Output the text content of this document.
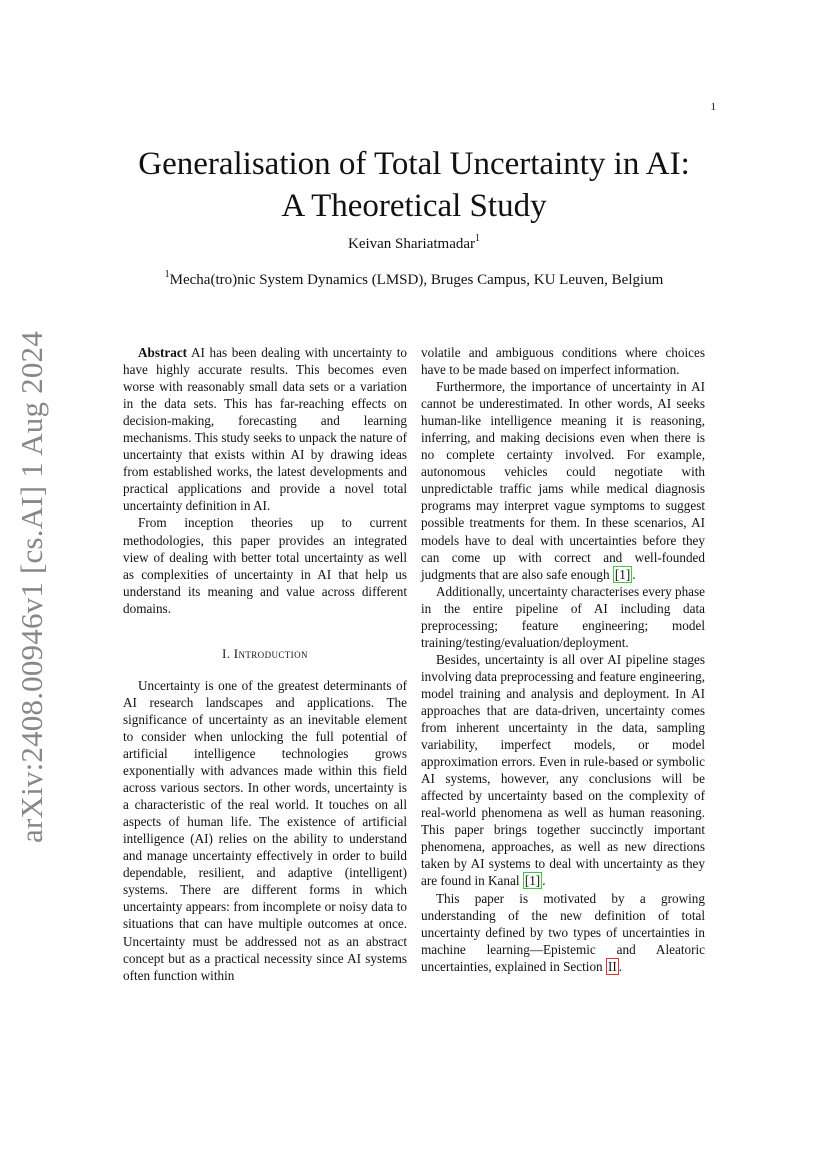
1
arXiv:2408.00946v1 [cs.AI] 1 Aug 2024
Generalisation of Total Uncertainty in AI:
A Theoretical Study
Keivan Shariatmadar$^1$
$^1$Mecha(tro)nic System Dynamics (LMSD), Bruges Campus, KU Leuven, Belgium

Abstract AI has been dealing with uncertainty to have highly accurate results. This becomes even worse with reasonably small data sets or a variation in the data sets. This has far-reaching effects on decision-making, forecasting and learning mechanisms. This study seeks to unpack the nature of uncertainty that exists within AI by drawing ideas from established works, the latest developments and practical applications and provide a novel total uncertainty definition in AI.

From inception theories up to current methodologies, this paper provides an integrated view of dealing with better total uncertainty as well as complexities of uncertainty in AI that help us understand its meaning and value across different domains.

I. Introduction

Uncertainty is one of the greatest determinants of AI research landscapes and applications. The significance of uncertainty as an inevitable element to consider when unlocking the full potential of artificial intelligence technologies grows exponentially with advances made within this field across various sectors. In other words, uncertainty is a characteristic of the real world. It touches on all aspects of human life. The existence of artificial intelligence (AI) relies on the ability to understand and manage uncertainty effectively in order to build dependable, resilient, and adaptive (intelligent) systems. There are different forms in which uncertainty appears: from incomplete or noisy data to situations that can have multiple outcomes at once. Uncertainty must be addressed not as an abstract concept but as a practical necessity since AI systems often function within

volatile and ambiguous conditions where choices have to be made based on imperfect information.

Furthermore, the importance of uncertainty in AI cannot be underestimated. In other words, AI seeks human-like intelligence meaning it is reasoning, inferring, and making decisions even when there is no complete certainty involved. For example, autonomous vehicles could negotiate with unpredictable traffic jams while medical diagnosis programs may interpret vague symptoms to suggest possible treatments for them. In these scenarios, AI models have to deal with uncertainties before they can come up with correct and well-founded judgments that are also safe enough [1] .

Additionally, uncertainty characterises every phase in the entire pipeline of AI including data preprocessing; feature engineering; model training/testing/evaluation/deployment.

Besides, uncertainty is all over AI pipeline stages involving data preprocessing and feature engineering, model training and analysis and deployment. In AI approaches that are data-driven, uncertainty comes from inherent uncertainty in the data, sampling variability, imperfect models, or model approximation errors. Even in rule-based or symbolic AI systems, however, any conclusions will be affected by uncertainty based on the complexity of real-world phenomena as well as human reasoning. This paper brings together succinctly important phenomena, approaches, as well as new directions taken by AI systems to deal with uncertainty as they are found in Kanal [1] .

This paper is motivated by a growing understanding of the new definition of total uncertainty defined by two types of uncertainties in machine learning—Epistemic and Aleatoric uncertainties, explained in Section II .
